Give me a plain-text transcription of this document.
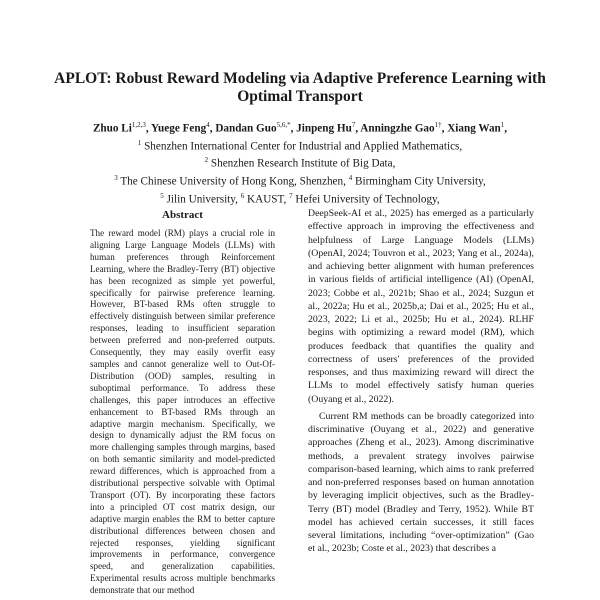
APLOT: Robust Reward Modeling via Adaptive Preference Learning with Optimal Transport
Zhuo Li$^{1,2,3}$, Yuege Feng$^4$, Dandan Guo$^{5,6,*}$, Jinpeng Hu$^7$, Anningzhe Gao$^{1\dagger}$, Xiang Wan$^1$,
$^1$ Shenzhen International Center for Industrial and Applied Mathematics,
$^2$ Shenzhen Research Institute of Big Data,
$^3$ The Chinese University of Hong Kong, Shenzhen, $^4$ Birmingham City University,
$^5$ Jilin University, $^6$ KAUST, $^7$ Hefei University of Technology,
Abstract
The reward model (RM) plays a crucial role in aligning Large Language Models (LLMs) with human preferences through Reinforcement Learning, where the Bradley-Terry (BT) objective has been recognized as simple yet powerful, specifically for pairwise preference learning. However, BT-based RMs often struggle to effectively distinguish between similar preference responses, leading to insufficient separation between preferred and non-preferred outputs. Consequently, they may easily overfit easy samples and cannot generalize well to Out-Of-Distribution (OOD) samples, resulting in suboptimal performance. To address these challenges, this paper introduces an effective enhancement to BT-based RMs through an adaptive margin mechanism. Specifically, we design to dynamically adjust the RM focus on more challenging samples through margins, based on both semantic similarity and model-predicted reward differences, which is approached from a distributional perspective solvable with Optimal Transport (OT). By incorporating these factors into a principled OT cost matrix design, our adaptive margin enables the RM to better capture distributional differences between chosen and rejected responses, yielding significant improvements in performance, convergence speed, and generalization capabilities. Experimental results across multiple benchmarks demonstrate that our method

DeepSeek-AI et al., 2025) has emerged as a particularly effective approach in improving the effectiveness and helpfulness of Large Language Models (LLMs) (OpenAI, 2024; Touvron et al., 2023; Yang et al., 2024a), and achieving better alignment with human preferences in various fields of artificial intelligence (AI) (OpenAI, 2023; Cobbe et al., 2021b; Shao et al., 2024; Suzgun et al., 2022a; Hu et al., 2025b,a; Dai et al., 2025; Hu et al., 2023, 2022; Li et al., 2025b; Hu et al., 2024). RLHF begins with optimizing a reward model (RM), which produces feedback that quantifies the quality and correctness of users' preferences of the provided responses, and thus maximizing reward will direct the LLMs to model effectively satisfy human queries (Ouyang et al., 2022).

Current RM methods can be broadly categorized into discriminative (Ouyang et al., 2022) and generative approaches (Zheng et al., 2023). Among discriminative methods, a prevalent strategy involves pairwise comparison-based learning, which aims to rank preferred and non-preferred responses based on human annotation by leveraging implicit objectives, such as the Bradley-Terry (BT) model (Bradley and Terry, 1952). While BT model has achieved certain successes, it still faces several limitations, including “over-optimization” (Gao et al., 2023b; Coste et al., 2023) that describes a
